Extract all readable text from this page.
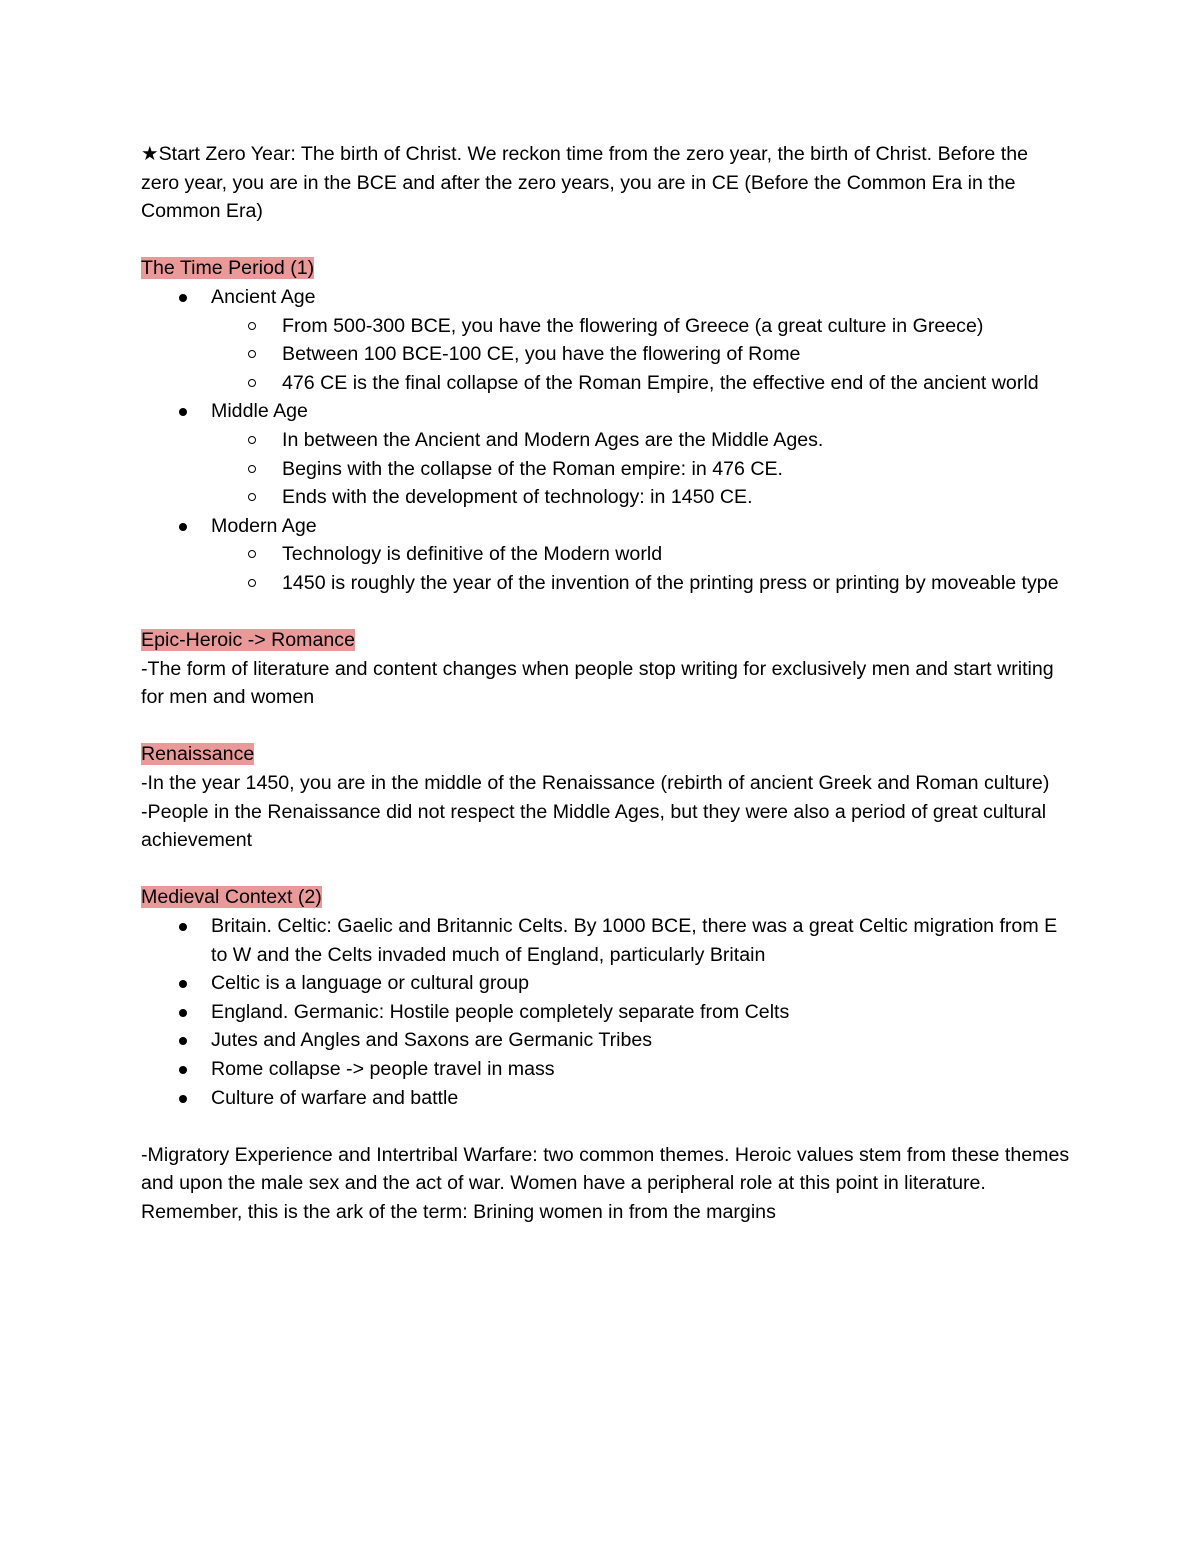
★Start Zero Year: The birth of Christ. We reckon time from the zero year, the birth of Christ. Before the zero year, you are in the BCE and after the zero years, you are in CE (Before the Common Era in the Common Era)

The Time Period (1)

Ancient Age
From 500-300 BCE, you have the flowering of Greece (a great culture in Greece)
Between 100 BCE-100 CE, you have the flowering of Rome
476 CE is the final collapse of the Roman Empire, the effective end of the ancient world
Middle Age
In between the Ancient and Modern Ages are the Middle Ages.
Begins with the collapse of the Roman empire: in 476 CE.
Ends with the development of technology: in 1450 CE.
Modern Age
Technology is definitive of the Modern world
1450 is roughly the year of the invention of the printing press or printing by moveable type

Epic-Heroic -> Romance

-The form of literature and content changes when people stop writing for exclusively men and start writing for men and women

Renaissance

-In the year 1450, you are in the middle of the Renaissance (rebirth of ancient Greek and Roman culture)

-People in the Renaissance did not respect the Middle Ages, but they were also a period of great cultural achievement

Medieval Context (2)

Britain. Celtic: Gaelic and Britannic Celts. By 1000 BCE, there was a great Celtic migration from E to W and the Celts invaded much of England, particularly Britain
Celtic is a language or cultural group
England. Germanic: Hostile people completely separate from Celts
Jutes and Angles and Saxons are Germanic Tribes
Rome collapse -> people travel in mass
Culture of warfare and battle

-Migratory Experience and Intertribal Warfare: two common themes. Heroic values stem from these themes and upon the male sex and the act of war. Women have a peripheral role at this point in literature. Remember, this is the ark of the term: Brining women in from the margins
